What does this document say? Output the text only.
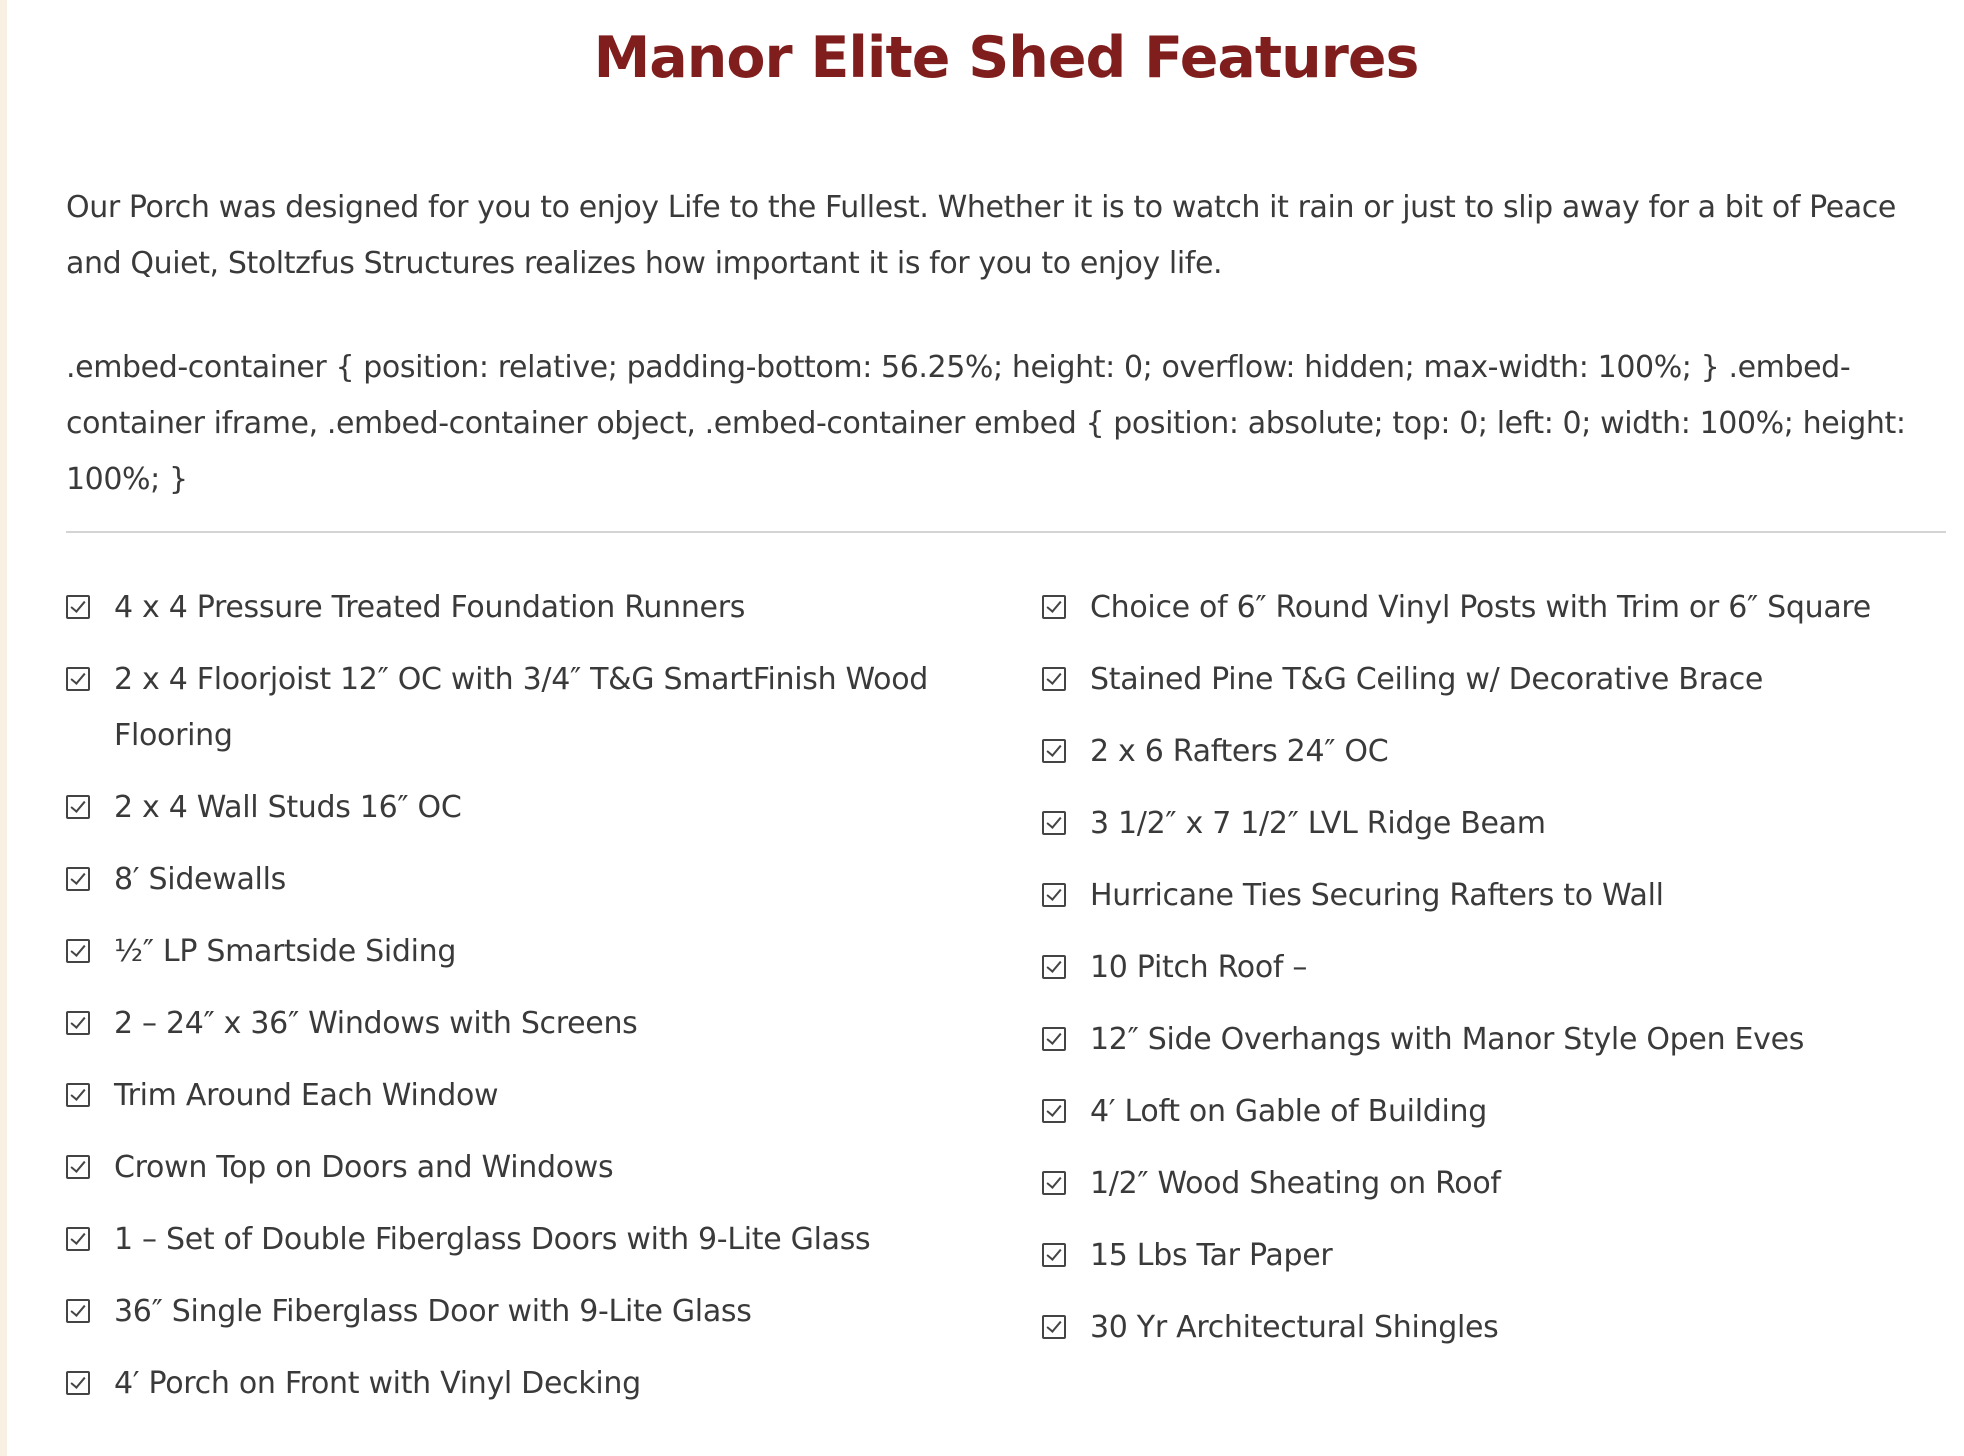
Manor Elite Shed Features

Our Porch was designed for you to enjoy Life to the Fullest. Whether it is to watch it rain or just to slip away for a bit of Peace and Quiet, Stoltzfus Structures realizes how important it is for you to enjoy life.

.embed-container { position: relative; padding-bottom: 56.25%; height: 0; overflow: hidden; max-width: 100%; } .embed-container iframe, .embed-container object, .embed-container embed { position: absolute; top: 0; left: 0; width: 100%; height: 100%; }

4 x 4 Pressure Treated Foundation Runners
2 x 4 Floorjoist 12″ OC with 3/4″ T&G SmartFinish Wood Flooring
2 x 4 Wall Studs 16″ OC
8′ Sidewalls
½″ LP Smartside Siding
2 – 24″ x 36″ Windows with Screens
Trim Around Each Window
Crown Top on Doors and Windows
1 – Set of Double Fiberglass Doors with 9-Lite Glass
36″ Single Fiberglass Door with 9-Lite Glass
4′ Porch on Front with Vinyl Decking
Choice of 6″ Round Vinyl Posts with Trim or 6″ Square
Stained Pine T&G Ceiling w/ Decorative Brace
2 x 6 Rafters 24″ OC
3 1/2″ x 7 1/2″ LVL Ridge Beam
Hurricane Ties Securing Rafters to Wall
10 Pitch Roof –
12″ Side Overhangs with Manor Style Open Eves
4′ Loft on Gable of Building
1/2″ Wood Sheating on Roof
15 Lbs Tar Paper
30 Yr Architectural Shingles
